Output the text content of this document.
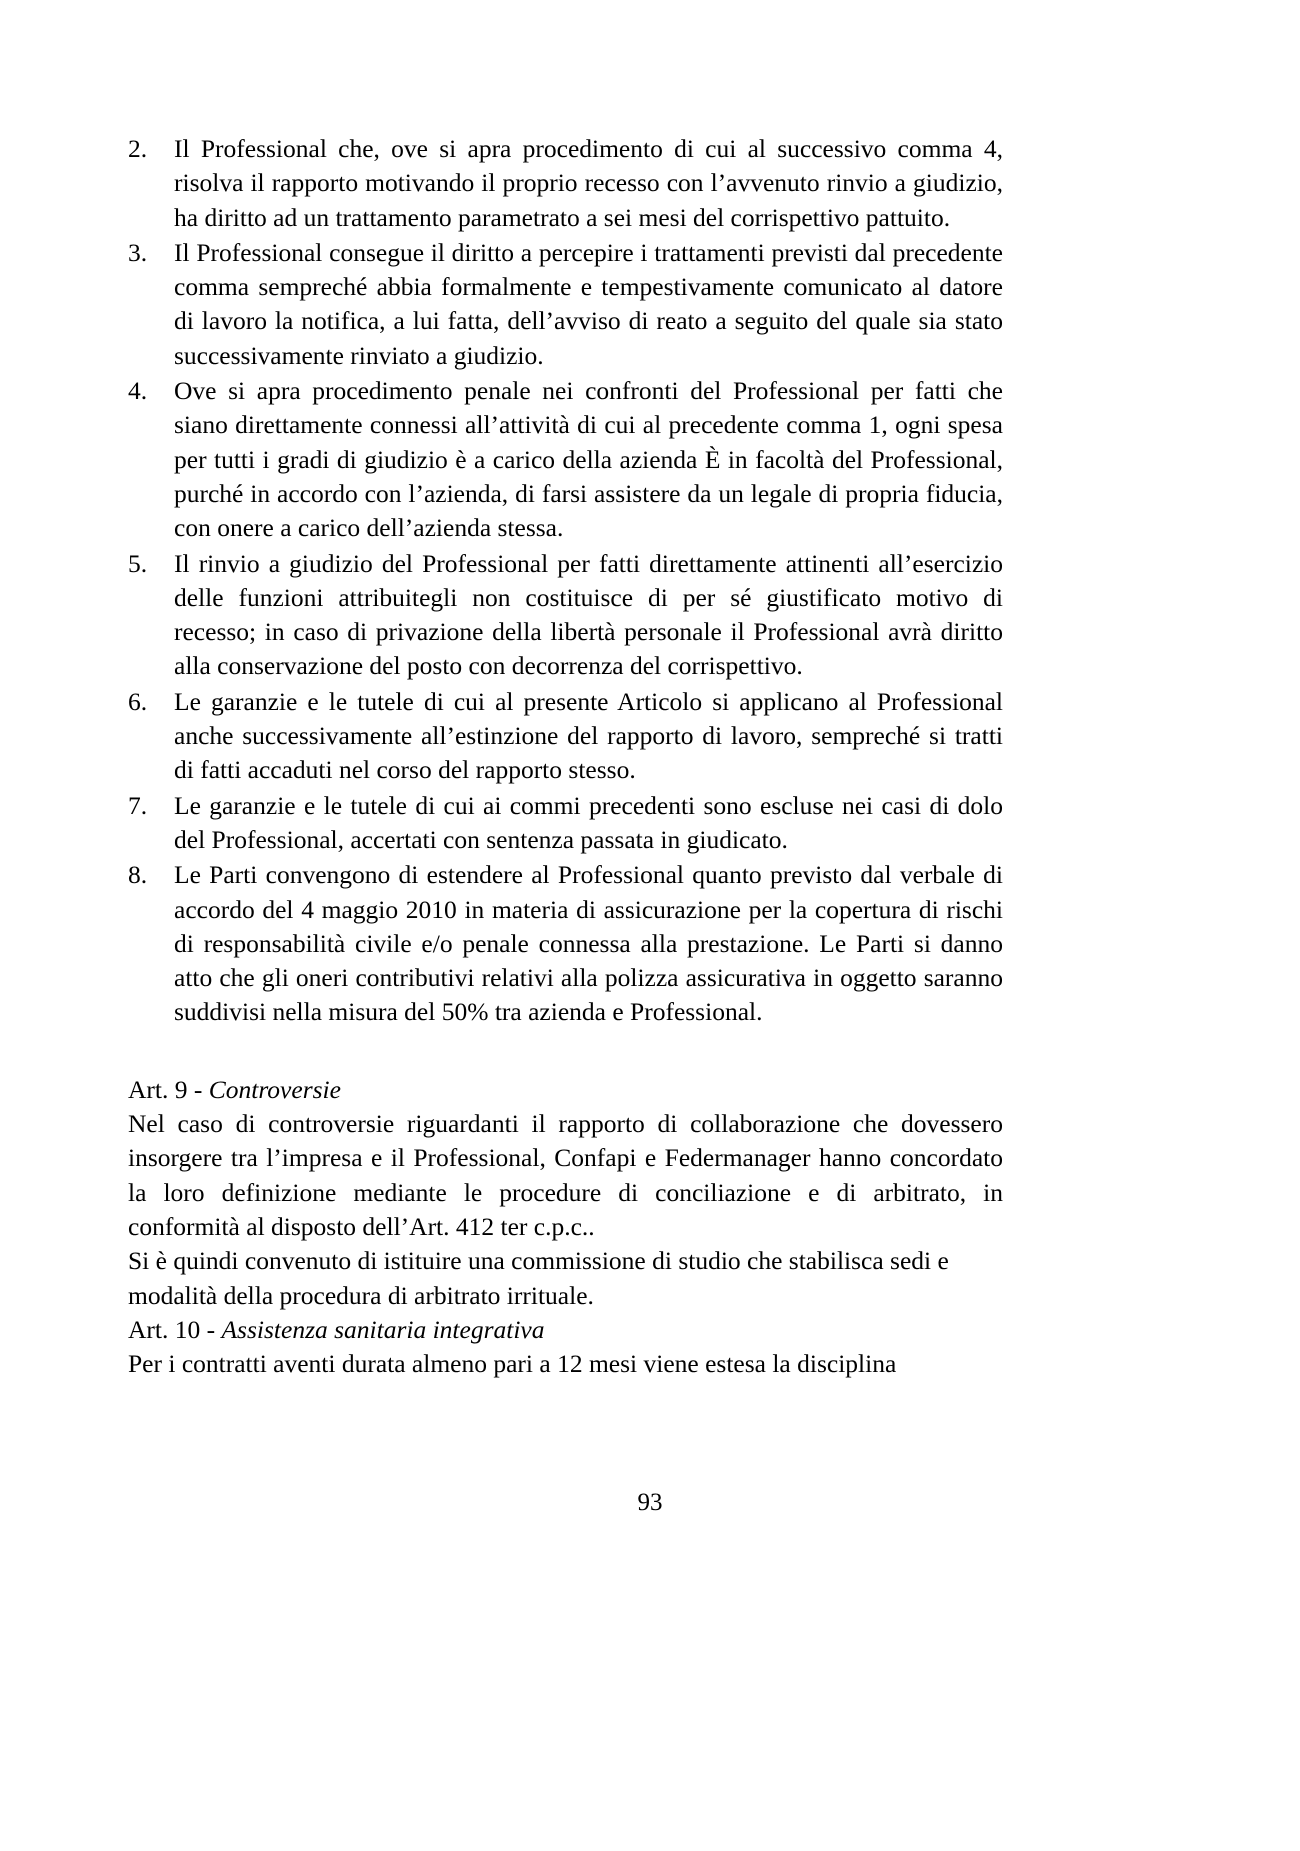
2.	Il Professional che, ove si apra procedimento di cui al successivo comma 4, risolva il rapporto motivando il proprio recesso con l’avvenuto rinvio a giudizio, ha diritto ad un trattamento parametrato a sei mesi del corrispettivo pattuito.
3.	Il Professional consegue il diritto a percepire i trattamenti previsti dal precedente comma sempreché abbia formalmente e tempestivamente comunicato al datore di lavoro la notifica, a lui fatta, dell’avviso di reato a seguito del quale sia stato successivamente rinviato a giudizio.
4.	Ove si apra procedimento penale nei confronti del Professional per fatti che siano direttamente connessi all’attività di cui al precedente comma 1, ogni spesa per tutti i gradi di giudizio è a carico della azienda È in facoltà del Professional, purché in accordo con l’azienda, di farsi assistere da un legale di propria fiducia, con onere a carico dell’azienda stessa.
5.	Il rinvio a giudizio del Professional per fatti direttamente attinenti all’esercizio delle funzioni attribuitegli non costituisce di per sé giustificato motivo di recesso; in caso di privazione della libertà personale il Professional avrà diritto alla conservazione del posto con decorrenza del corrispettivo.
6.	Le garanzie e le tutele di cui al presente Articolo si applicano al Professional anche successivamente all’estinzione del rapporto di lavoro, sempreché si tratti di fatti accaduti nel corso del rapporto stesso.
7.	Le garanzie e le tutele di cui ai commi precedenti sono escluse nei casi di dolo del Professional, accertati con sentenza passata in giudicato.
8.	Le Parti convengono di estendere al Professional quanto previsto dal verbale di accordo del 4 maggio 2010 in materia di assicurazione per la copertura di rischi di responsabilità civile e/o penale connessa alla prestazione. Le Parti si danno atto che gli oneri contributivi relativi alla polizza assicurativa in oggetto saranno suddivisi nella misura del 50% tra azienda e Professional.

Art. 9 - Controversie

Nel caso di controversie riguardanti il rapporto di collaborazione che dovessero insorgere tra l’impresa e il Professional, Confapi e Federmanager hanno concordato la loro definizione mediante le procedure di conciliazione e di arbitrato, in conformità al disposto dell’Art. 412 ter c.p.c..

Si è quindi convenuto di istituire una commissione di studio che stabilisca sedi e modalità della procedura di arbitrato irrituale.

Art. 10 - Assistenza sanitaria integrativa

Per i contratti aventi durata almeno pari a 12 mesi viene estesa la disciplina

93
